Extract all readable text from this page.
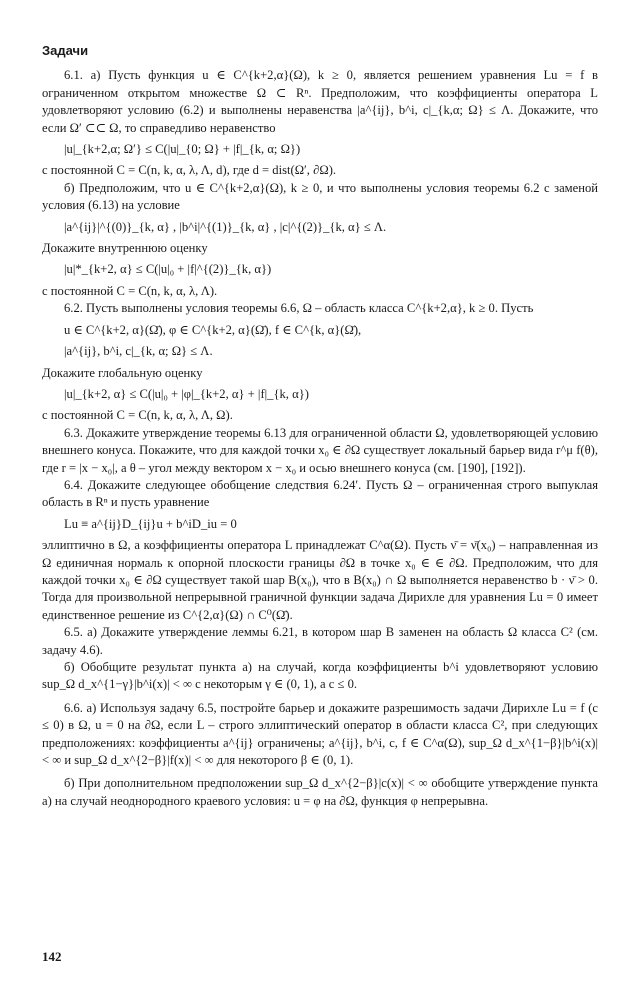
Задачи

6.1. а) Пусть функция u ∈ C^{k+2,α}(Ω), k ≥ 0, является решением уравнения Lu = f в ограниченном открытом множестве Ω ⊂ Rⁿ. Предположим, что коэффициенты оператора L удовлетворяют условию (6.2) и выполнены неравенства |a^{ij}, b^i, c|_{k,α; Ω} ≤ Λ. Докажите, что если Ω′ ⊂⊂ Ω, то справедливо неравенство

|u|_{k+2,α; Ω′} ≤ C(|u|_{0; Ω} + |f|_{k, α; Ω})

с постоянной C = C(n, k, α, λ, Λ, d), где d = dist(Ω′, ∂Ω).

б) Предположим, что u ∈ C^{k+2,α}(Ω), k ≥ 0, и что выполнены условия теоремы 6.2 с заменой условия (6.13) на условие

|a^{ij}|^{(0)}_{k, α} , |b^i|^{(1)}_{k, α} , |c|^{(2)}_{k, α} ≤ Λ.

Докажите внутреннюю оценку

|u|*_{k+2, α} ≤ C(|u|₀ + |f|^{(2)}_{k, α})

с постоянной C = C(n, k, α, λ, Λ).

6.2. Пусть выполнены условия теоремы 6.6, Ω – область класса C^{k+2,α}, k ≥ 0. Пусть

u ∈ C^{k+2, α}(Ω̄), φ ∈ C^{k+2, α}(Ω̄), f ∈ C^{k, α}(Ω̄),
|a^{ij}, b^i, c|_{k, α; Ω} ≤ Λ.

Докажите глобальную оценку

|u|_{k+2, α} ≤ C(|u|₀ + |φ|_{k+2, α} + |f|_{k, α})

с постоянной C = C(n, k, α, λ, Λ, Ω).

6.3. Докажите утверждение теоремы 6.13 для ограниченной области Ω, удовлетворяющей условию внешнего конуса. Покажите, что для каждой точки x₀ ∈ ∂Ω существует локальный барьер вида r^μ f(θ), где r = |x − x₀|, а θ – угол между вектором x − x₀ и осью внешнего конуса (см. [190], [192]).

6.4. Докажите следующее обобщение следствия 6.24′. Пусть Ω – ограниченная строго выпуклая область в Rⁿ и пусть уравнение

Lu ≡ a^{ij}D_{ij}u + b^iD_iu = 0

эллиптично в Ω, а коэффициенты оператора L принадлежат C^α(Ω). Пусть ν̄ = ν̄(x₀) – направленная из Ω единичная нормаль к опорной плоскости границы ∂Ω в точке x₀ ∈ ∈ ∂Ω. Предположим, что для каждой точки x₀ ∈ ∂Ω существует такой шар B(x₀), что в B(x₀) ∩ Ω выполняется неравенство b · ν̄ > 0. Тогда для произвольной непрерывной граничной функции задача Дирихле для уравнения Lu = 0 имеет единственное решение из C^{2,α}(Ω) ∩ C⁰(Ω̄).

6.5. а) Докажите утверждение леммы 6.21, в котором шар B заменен на область Ω класса C² (см. задачу 4.6).

б) Обобщите результат пункта а) на случай, когда коэффициенты b^i удовлетворяют условию sup_Ω d_x^{1−γ}|b^i(x)| < ∞ с некоторым γ ∈ (0, 1), а c ≤ 0.

6.6. а) Используя задачу 6.5, постройте барьер и докажите разрешимость задачи Дирихле Lu = f (c ≤ 0) в Ω, u = 0 на ∂Ω, если L – строго эллиптический оператор в области класса C², при следующих предположениях: коэффициенты a^{ij} ограничены; a^{ij}, b^i, c, f ∈ C^α(Ω), sup_Ω d_x^{1−β}|b^i(x)| < ∞ и sup_Ω d_x^{2−β}|f(x)| < ∞ для некоторого β ∈ (0, 1).

б) При дополнительном предположении sup_Ω d_x^{2−β}|c(x)| < ∞ обобщите утверждение пункта а) на случай неоднородного краевого условия: u = φ на ∂Ω, функция φ непрерывна.

142
